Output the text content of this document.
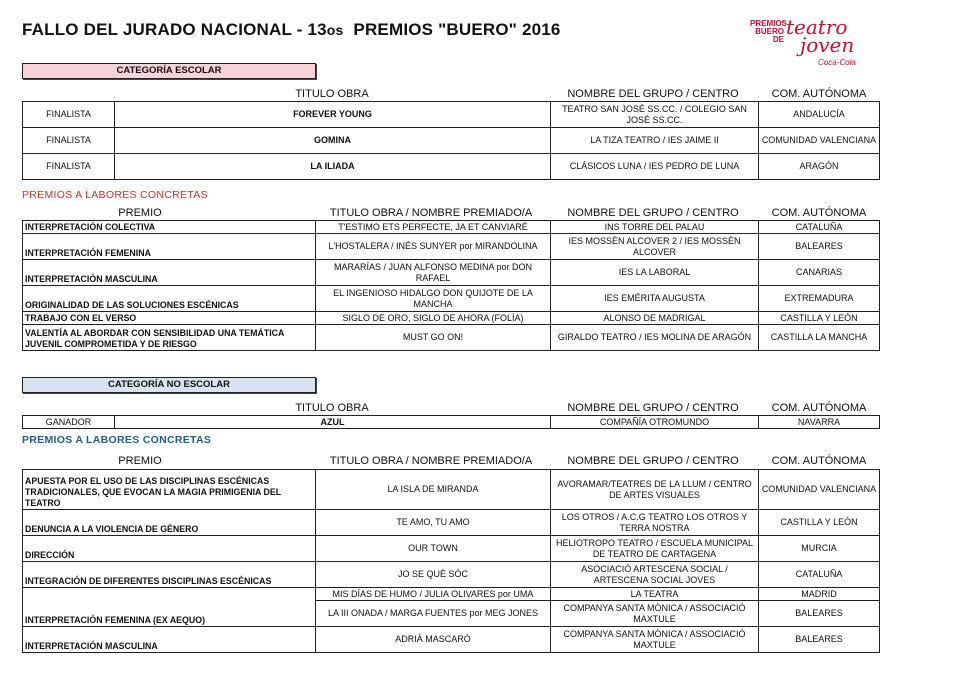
FALLO DEL JURADO NACIONAL - 13os PREMIOS "BUERO" 2016	PREMIOS BUERO DE
teatro
joven
Coca-Cola
CATEGORÍA ESCOLAR
TITULO OBRA	NOMBRE DEL GRUPO / CENTRO	COM. AUTÓNOMA
FINALISTA	FOREVER YOUNG	TEATRO SAN JOSÉ SS.CC. / COLEGIO SAN JOSÉ SS.CC.	ANDALUCÍA
FINALISTA	GOMINA	LA TIZA TEATRO / IES JAIME II	COMUNIDAD VALENCIANA
FINALISTA	LA ILIADA	CLÁSICOS LUNA / IES PEDRO DE LUNA	ARAGÓN
PREMIOS A LABORES CONCRETAS
PREMIO	TITULO OBRA / NOMBRE PREMIADO/A	NOMBRE DEL GRUPO / CENTRO	COM. AUTÓNOMA
INTERPRETACIÓN COLECTIVA	T'ESTIMO ETS PERFECTE, JA ET CANVIARÉ	INS TORRE DEL PALAU	CATALUÑA
INTERPRETACIÓN FEMENINA	L'HOSTALERA / INÉS SUNYER por MIRANDOLINA	IES MOSSÈN ALCOVER 2 / IES MOSSÈN ALCOVER	BALEARES
INTERPRETACIÓN MASCULINA	MARARÍAS / JUAN ALFONSO MEDINA por DON RAFAEL	IES LA LABORAL	CANARIAS
ORIGINALIDAD DE LAS SOLUCIONES ESCÉNICAS	EL INGENIOSO HIDALGO DON QUIJOTE DE LA MANCHA	IES EMÉRITA AUGUSTA	EXTREMADURA
TRABAJO CON EL VERSO	SIGLO DE ORO, SIGLO DE AHORA (FOLÍA)	ALONSO DE MADRIGAL	CASTILLA Y LEÓN
VALENTÍA AL ABORDAR CON SENSIBILIDAD UNA TEMÁTICA JUVENIL COMPROMETIDA Y DE RIESGO	MUST GO ON!	GIRALDO TEATRO / IES MOLINA DE ARAGÓN	CASTILLA LA MANCHA
CATEGORÍA NO ESCOLAR
TITULO OBRA	NOMBRE DEL GRUPO / CENTRO	COM. AUTÓNOMA
GANADOR	AZUL	COMPAÑÍA OTROMUNDO	NAVARRA
PREMIOS A LABORES CONCRETAS
PREMIO	TITULO OBRA / NOMBRE PREMIADO/A	NOMBRE DEL GRUPO / CENTRO	COM. AUTÓNOMA
APUESTA POR EL USO DE LAS DISCIPLINAS ESCÉNICAS TRADICIONALES, QUE EVOCAN LA MAGIA PRIMIGENIA DEL TEATRO	LA ISLA DE MIRANDA	AVORAMAR/TEATRES DE LA LLUM / CENTRO DE ARTES VISUALES	COMUNIDAD VALENCIANA
DENUNCIA A LA VIOLENCIA DE GÉNERO	TE AMO, TU AMO	LOS OTROS / A.C.G TEATRO LOS OTROS Y TERRA NOSTRA	CASTILLA Y LEÓN
DIRECCIÓN	OUR TOWN	HELIOTROPO TEATRO / ESCUELA MUNICIPAL DE TEATRO DE CARTAGENA	MURCIA
INTEGRACIÓN DE DIFERENTES DISCIPLINAS ESCÉNICAS	JO SE QUÈ SÓC	ASOCIACIÓ ARTESCENA SOCIAL / ARTESCENA SOCIAL JOVES	CATALUÑA
INTERPRETACIÓN FEMENINA (EX AEQUO)	MIS DÍAS DE HUMO / JULIA OLIVARES por UMA	LA TEATRA	MADRID
	LA III ONADA / MARGA FUENTES por MEG JONES	COMPANYA SANTA MÒNICA / ASSOCIACIÓ MAXTULE	BALEARES
INTERPRETACIÓN MASCULINA	ADRIÀ MASCARÓ	COMPANYA SANTA MÒNICA / ASSOCIACIÓ MAXTULE	BALEARES
